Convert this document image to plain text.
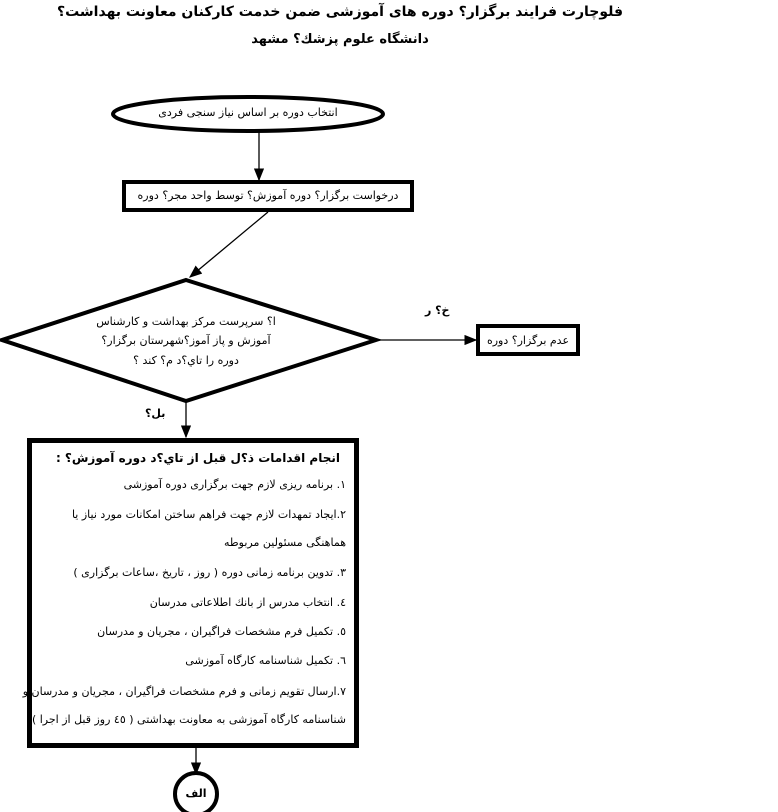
فلوچارت فرايند برگزار؟ دوره هاى آموزشى ضمن خدمت كاركنان معاونت بهداشت؟
دانشگاه علوم پزشك؟ مشهد
انتخاب دوره بر اساس نياز سنجى فردى
درخواست برگزار؟ دوره آموزش؟ توسط واحد مجر؟ دوره
ا؟ سرپرست مركز بهداشت و كارشناس
آموزش و پاز آموز؟شهرستان برگزار؟
دوره را تاي؟د م؟ كند ؟
عدم برگزار؟ دوره
خ؟ ر
بل؟
انجام اقدامات ذ؟ل قبل از تاي؟د دوره آموزش؟ :
١. برنامه ريزى لازم جهت برگزارى دوره آموزشى
٢.ايجاد تمهدات لازم جهت فراهم ساختن امكانات مورد نياز يا
هماهنگى مسئولين مربوطه
٣. تدوين برنامه زمانى دوره ( روز ، تاريخ ،ساعات برگزارى )
٤. انتخاب مدرس از بانك اطلاعاتى مدرسان
٥. تكميل فرم مشخصات فراگيران ، مجريان و مدرسان
٦. تكميل شناسنامه كارگاه آموزشى
٧.ارسال تقويم زمانى و فرم مشخصات فراگيران ، مجريان و مدرسان و
شناسنامه كارگاه آموزشى به معاونت بهداشتى ( ٤٥ روز قبل از اجرا )
الف
